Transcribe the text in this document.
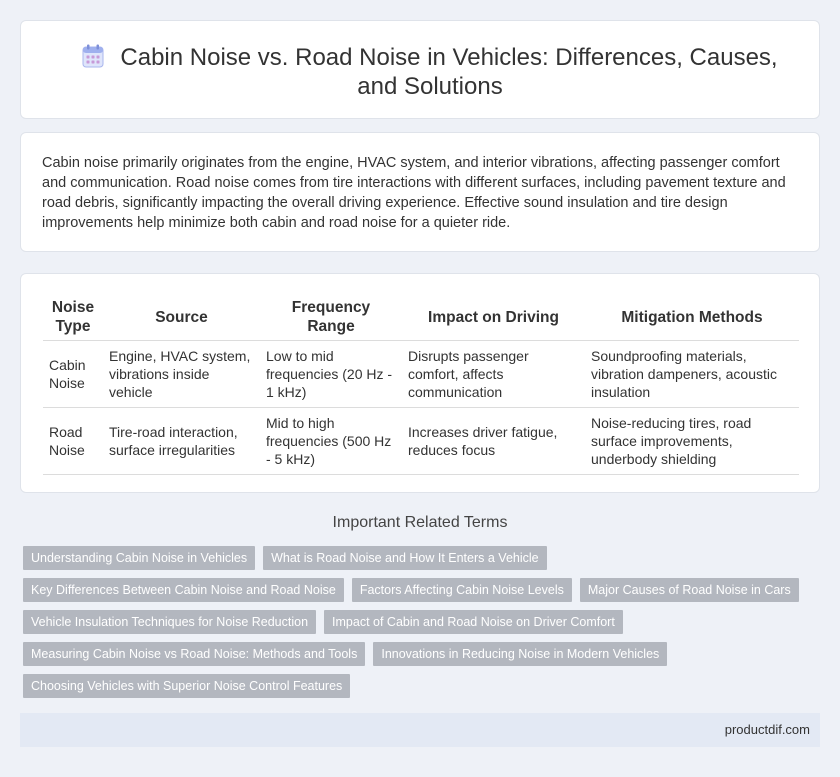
Cabin Noise vs. Road Noise in Vehicles: Differences, Causes, and Solutions

Cabin noise primarily originates from the engine, HVAC system, and interior vibrations, affecting passenger comfort and communication. Road noise comes from tire interactions with different surfaces, including pavement texture and road debris, significantly impacting the overall driving experience. Effective sound insulation and tire design improvements help minimize both cabin and road noise for a quieter ride.

Noise Type	Source	Frequency Range	Impact on Driving	Mitigation Methods
Cabin Noise	Engine, HVAC system, vibrations inside vehicle	Low to mid frequencies (20 Hz - 1 kHz)	Disrupts passenger comfort, affects communication	Soundproofing materials, vibration dampeners, acoustic insulation
Road Noise	Tire-road interaction, surface irregularities	Mid to high frequencies (500 Hz - 5 kHz)	Increases driver fatigue, reduces focus	Noise-reducing tires, road surface improvements, underbody shielding
Important Related Terms
Understanding Cabin Noise in Vehicles	What is Road Noise and How It Enters a Vehicle
Key Differences Between Cabin Noise and Road Noise	Factors Affecting Cabin Noise Levels	Major Causes of Road Noise in Cars
Vehicle Insulation Techniques for Noise Reduction	Impact of Cabin and Road Noise on Driver Comfort
Measuring Cabin Noise vs Road Noise: Methods and Tools	Innovations in Reducing Noise in Modern Vehicles
Choosing Vehicles with Superior Noise Control Features
productdif.com
